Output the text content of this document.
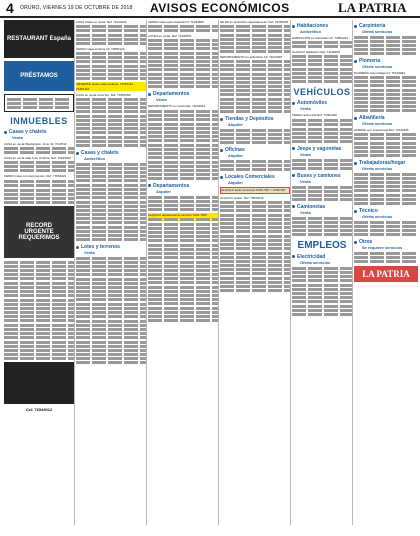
4 ORURO, VIERNES 19 DE OCTUBRE DE 2018 AVISOS ECONÓMICOS	LA PATRIA
RESTAURANT España
PRÉSTAMOS
INMUEBLES
Casas y chalets
Venta
CASA en venta Washington. Vicio Inf: 7247819
CASA en venta calle 6 de Octubre. Ref: 76199022
VENDO casa con documentos. Ref: 77654423
RECORD
URGENTE REQUERIMOS
Cel: 76549012
CASA chalet en venta. Ref: 71234432
VENDO casa céntrica Inf: 72890123
URGENTE vendo casa céntrica. 72457311 - 72457112
CASA en venta zona Sur. Ref: 73456789
Casas y chalets
Anticrético
Lotes y terrenos
Venta
VENDO casa para vivienda Inf: 71234890
LOTES en venta. Ref: 71100551
Departamentos
Venta
DEPARTAMENTO en venta Ref: 72019912
Departamentos
Alquiler
ALQUILO departamento céntrico 7244-7265
SE DA en anticrético departamento. Ref: 71230045
DEPARTAMENTO en anticrético Inf: 73210987
Tiendas y Depósitos
Alquiler
Oficinas
Alquiler
Locales Comerciales
Alquiler
ALQUILO local comercial 7249-7007 / 72497037
ALQUILO cuarto. Ref: 76543210
Habitaciones
Anticrético
HABITACIÓN en anticrético Inf: 72891234
ALQUILO habitación Ref: 71239876
VEHÍCULOS
Automóviles
Venta
VENDO automóvil Ref: 73451290
Jeeps y vagonetas
Venta
Buses y camiones
Venta
Camionetas
Venta
EMPLEOS
Electricidad
Oferta servicios
Carpintería
Oferta servicios
Plomería
Oferta servicios
PLOMERO todo trabajo Inf: 76129034
Albañilería
Oferta servicios
ALBAÑIL con experiencia Ref: 72012345
Trabajadoras/hogar
Oferta servicios
Técnico
Oferta servicios
Otros
Se requiere servicios
LA PATRIA
